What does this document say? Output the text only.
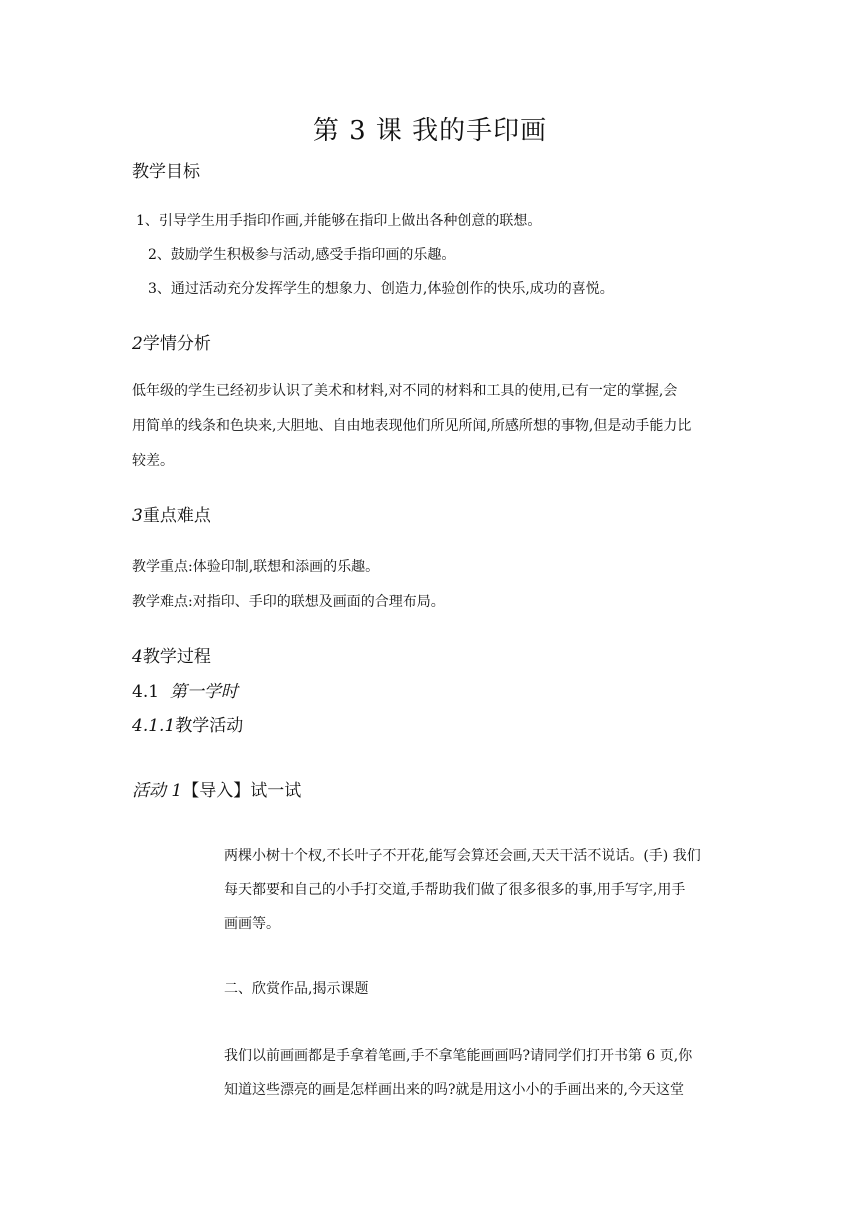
第 3 课 我的手印画
教学目标
1、引导学生用手指印作画,并能够在指印上做出各种创意的联想。
2、鼓励学生积极参与活动,感受手指印画的乐趣。
3、通过活动充分发挥学生的想象力、创造力,体验创作的快乐,成功的喜悦。
2学情分析
低年级的学生已经初步认识了美术和材料,对不同的材料和工具的使用,已有一定的掌握,会
用简单的线条和色块来,大胆地、自由地表现他们所见所闻,所感所想的事物,但是动手能力比
较差。
3重点难点
教学重点:体验印制,联想和添画的乐趣。
教学难点:对指印、手印的联想及画面的合理布局。
4教学过程
4.1 第一学时
4.1.1教学活动
活动 1【导入】试一试
两棵小树十个杈,不长叶子不开花,能写会算还会画,天天干活不说话。(手) 我们
每天都要和自己的小手打交道,手帮助我们做了很多很多的事,用手写字,用手
画画等。
二、欣赏作品,揭示课题
我们以前画画都是手拿着笔画,手不拿笔能画画吗?请同学们打开书第 6 页,你
知道这些漂亮的画是怎样画出来的吗?就是用这小小的手画出来的,今天这堂
